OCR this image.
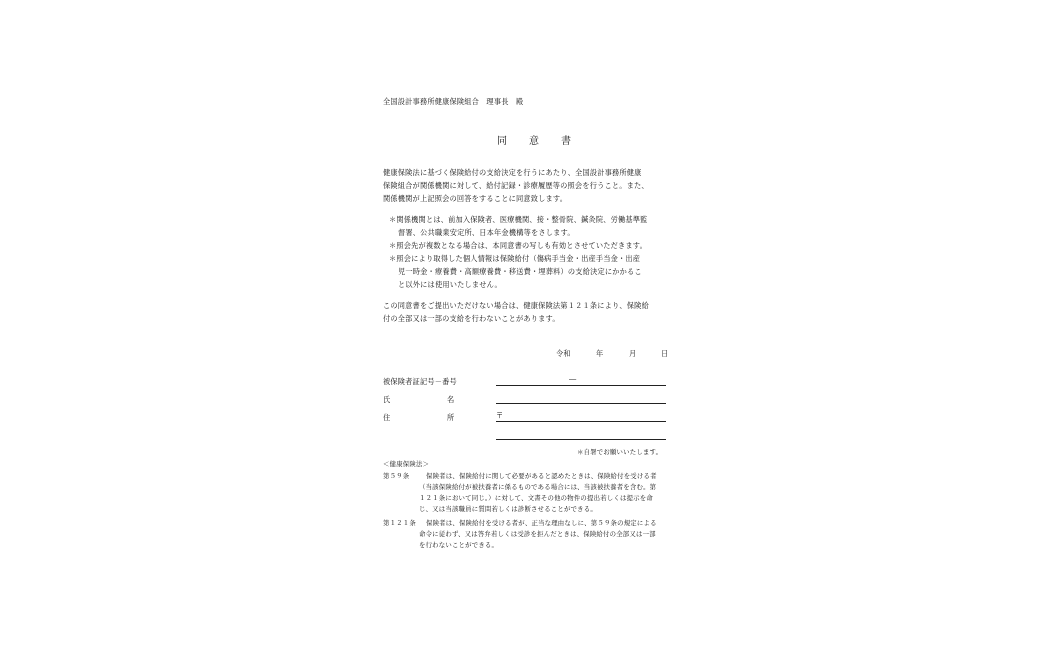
全国設計事務所健康保険組合　理事長　殿
同　意　書
健康保険法に基づく保険給付の支給決定を行うにあたり、全国設計事務所健康
保険組合が関係機関に対して、給付記録・診療履歴等の照会を行うこと。また、
関係機関が上記照会の回答をすることに同意致します。
＊関係機関とは、前加入保険者、医療機関、接・整骨院、鍼灸院、労働基準監
督署、公共職業安定所、日本年金機構等をさします。
＊照会先が複数となる場合は、本同意書の写しも有効とさせていただきます。
＊照会により取得した個人情報は保険給付（傷病手当金・出産手当金・出産
児一時金・療養費・高額療養費・移送費・埋葬料）の支給決定にかかるこ
と以外には使用いたしません。
この同意書をご提出いただけない場合は、健康保険法第１２１条により、保険給
付の全部又は一部の支給を行わないことがあります。
令和	年	月	日
被保険者証記号－番号	―
氏	名
住	所	〒
＊自署でお願いいたします。
＜健康保険法＞
第５９条	保険者は、保険給付に関して必要があると認めたときは、保険給付を受ける者
（当該保険給付が被扶養者に係るものである場合には、当該被扶養者を含む。第
１２１条において同じ。）に対して、文書その他の物件の提出若しくは提示を命
じ、又は当該職員に質問若しくは診断させることができる。
第１２１条 保険者は、保険給付を受ける者が、正当な理由なしに、第５９条の規定による
命令に従わず、又は答弁若しくは受診を拒んだときは、保険給付の全部又は一部
を行わないことができる。
